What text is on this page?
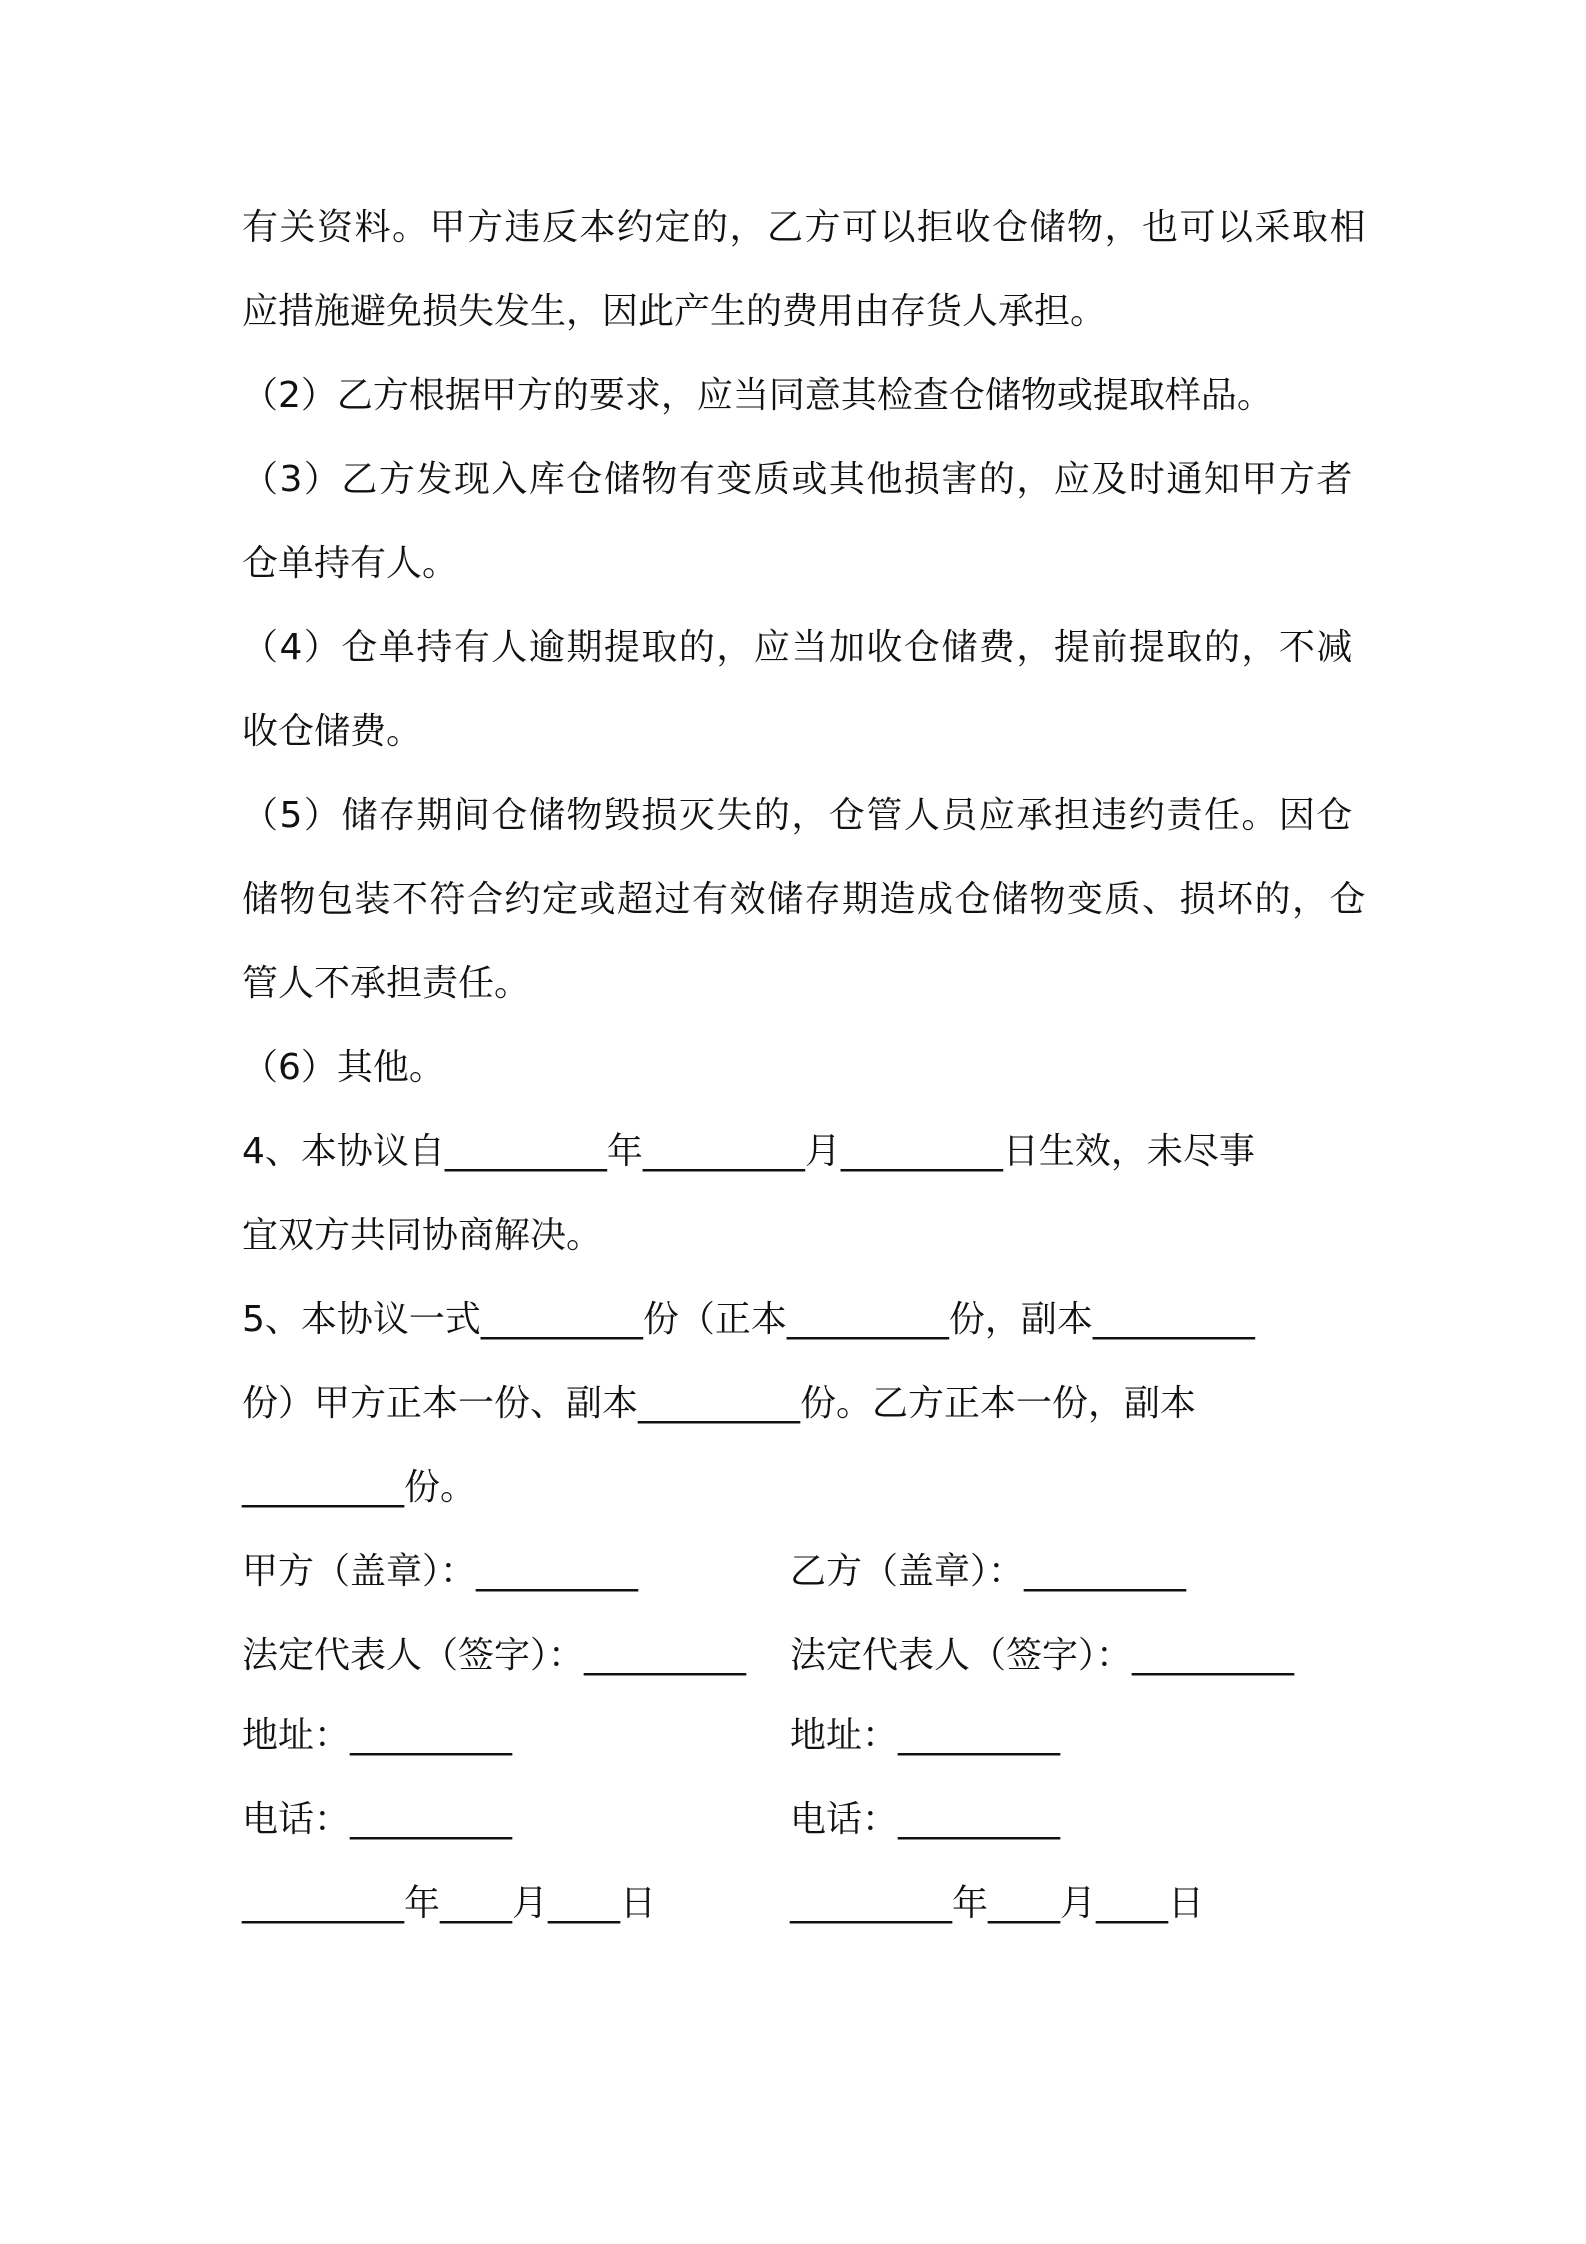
有关资料。甲方违反本约定的，乙方可以拒收仓储物，也可以采取相

应措施避免损失发生，因此产生的费用由存货人承担。

（2）乙方根据甲方的要求，应当同意其检查仓储物或提取样品。

（3）乙方发现入库仓储物有变质或其他损害的，应及时通知甲方者

仓单持有人。

（4）仓单持有人逾期提取的，应当加收仓储费，提前提取的，不减

收仓储费。

（5）储存期间仓储物毁损灭失的，仓管人员应承担违约责任。因仓

储物包装不符合约定或超过有效储存期造成仓储物变质、损坏的，仓

管人不承担责任。

（6）其他。

4、本协议自_________年_________月_________日生效，未尽事

宜双方共同协商解决。

5、本协议一式_________份（正本_________份，副本_________

份）甲方正本一份、副本_________份。乙方正本一份，副本

_________份。

甲方（盖章）：_________	乙方（盖章）：_________

法定代表人（签字）：_________ 法定代表人（签字）：_________

地址：_________	地址：_________

电话：_________	电话：_________

_________年____月____日	_________年____月____日
